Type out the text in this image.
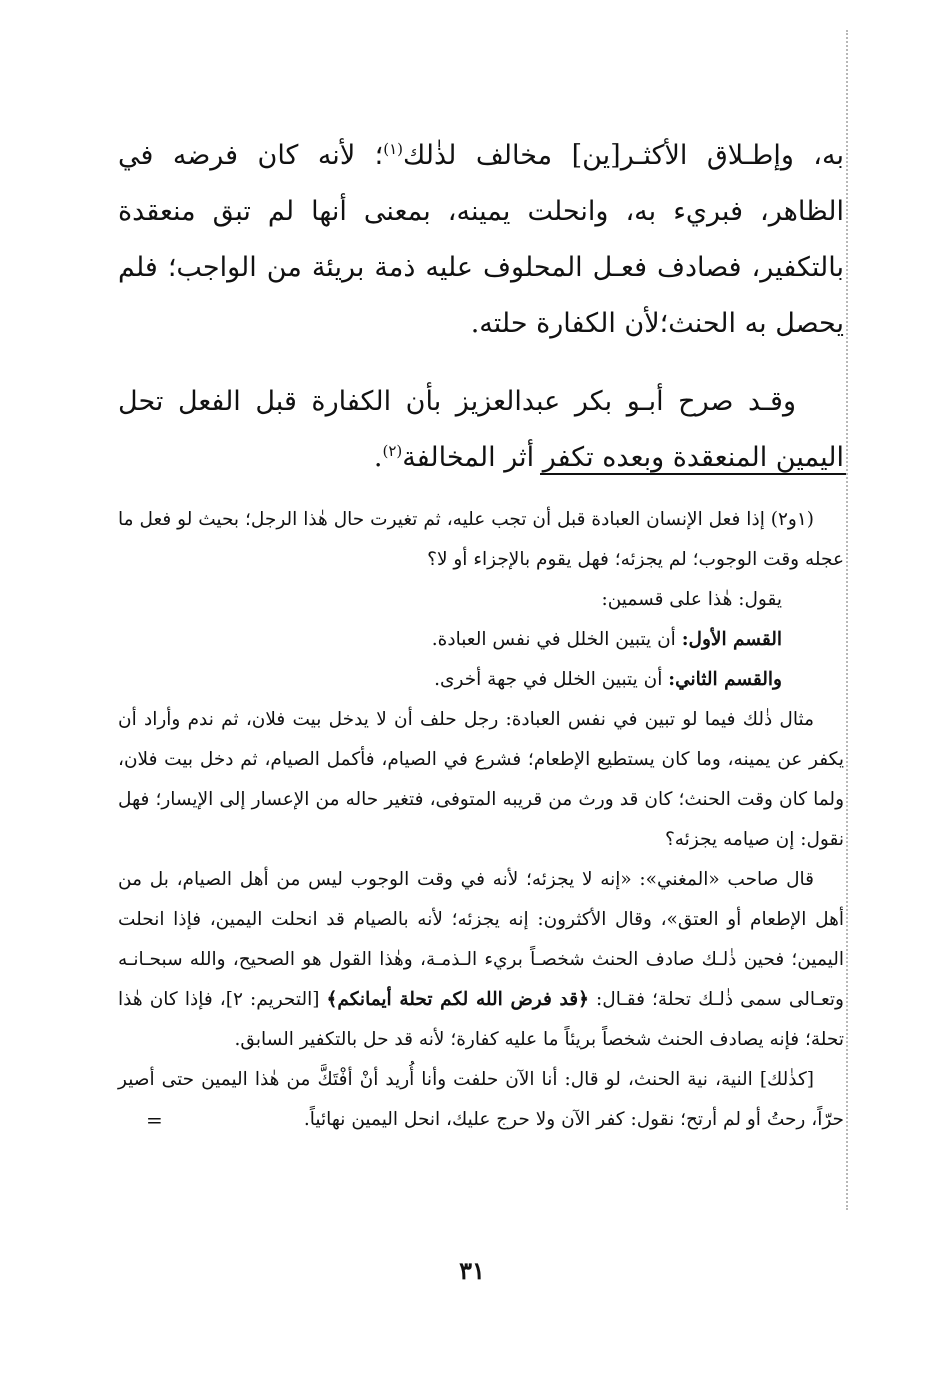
به، وإطـلاق الأكثـر[ين] مخالف لذٰلك$^{(١)}$؛ لأنه كان فرضه في الظاهر، فبريء به، وانحلت يمينه، بمعنى أنها لم تبق منعقدة بالتكفير، فصادف فعـل المحلوف عليه ذمة بريئة من الواجب؛ فلم يحصل به الحنث؛لأن الكفارة حلته.

وقـد صرح أبـو بكر عبدالعزيز بأن الكفارة قبل الفعل تحل اليمين المنعقدة وبعده تكفر أثر المخالفة$^{(٢)}$.

(١و٢) إذا فعل الإنسان العبادة قبل أن تجب عليه، ثم تغيرت حال هٰذا الرجل؛ بحيث لو فعل ما عجله وقت الوجوب؛ لم يجزئه؛ فهل يقوم بالإجزاء أو لا؟

يقول: هٰذا على قسمين:

القسم الأول: أن يتبين الخلل في نفس العبادة.

والقسم الثاني: أن يتبين الخلل في جهة أخرى.

مثال ذٰلك فيما لو تبين في نفس العبادة: رجل حلف أن لا يدخل بيت فلان، ثم ندم وأراد أن يكفر عن يمينه، وما كان يستطيع الإطعام؛ فشرع في الصيام، فأكمل الصيام، ثم دخل بيت فلان، ولما كان وقت الحنث؛ كان قد ورث من قريبه المتوفى، فتغير حاله من الإعسار إلى الإيسار؛ فهل نقول: إن صيامه يجزئه؟

قال صاحب «المغني»: «إنه لا يجزئه؛ لأنه في وقت الوجوب ليس من أهل الصيام، بل من أهل الإطعام أو العتق»، وقال الأكثرون: إنه يجزئه؛ لأنه بالصيام قد انحلت اليمين، فإذا انحلت اليمين؛ فحين ذٰلـك صادف الحنث شخصـاً بريء الـذمـة، وهٰذا القول هو الصحيح، والله سبحـانـه وتعـالى سمى ذٰلـك تحلة؛ فقـال: ﴿قد فرض الله لكم تحلة أيمانكم﴾ [التحريم: ٢]، فإذا كان هٰذا تحلة؛ فإنه يصادف الحنث شخصاً بريئاً ما عليه كفارة؛ لأنه قد حل بالتكفير السابق.

[كذٰلك] النية، نية الحنث، لو قال: أنا الآن حلفت وأنا أُريد أنْ أفْتَكَّ من هٰذا اليمين حتى أصير حرّاً، رحتُ أو لم أرتح؛ نقول: كفر الآن ولا حرج عليك، انحل اليمين نهائياً.
=

٣١
